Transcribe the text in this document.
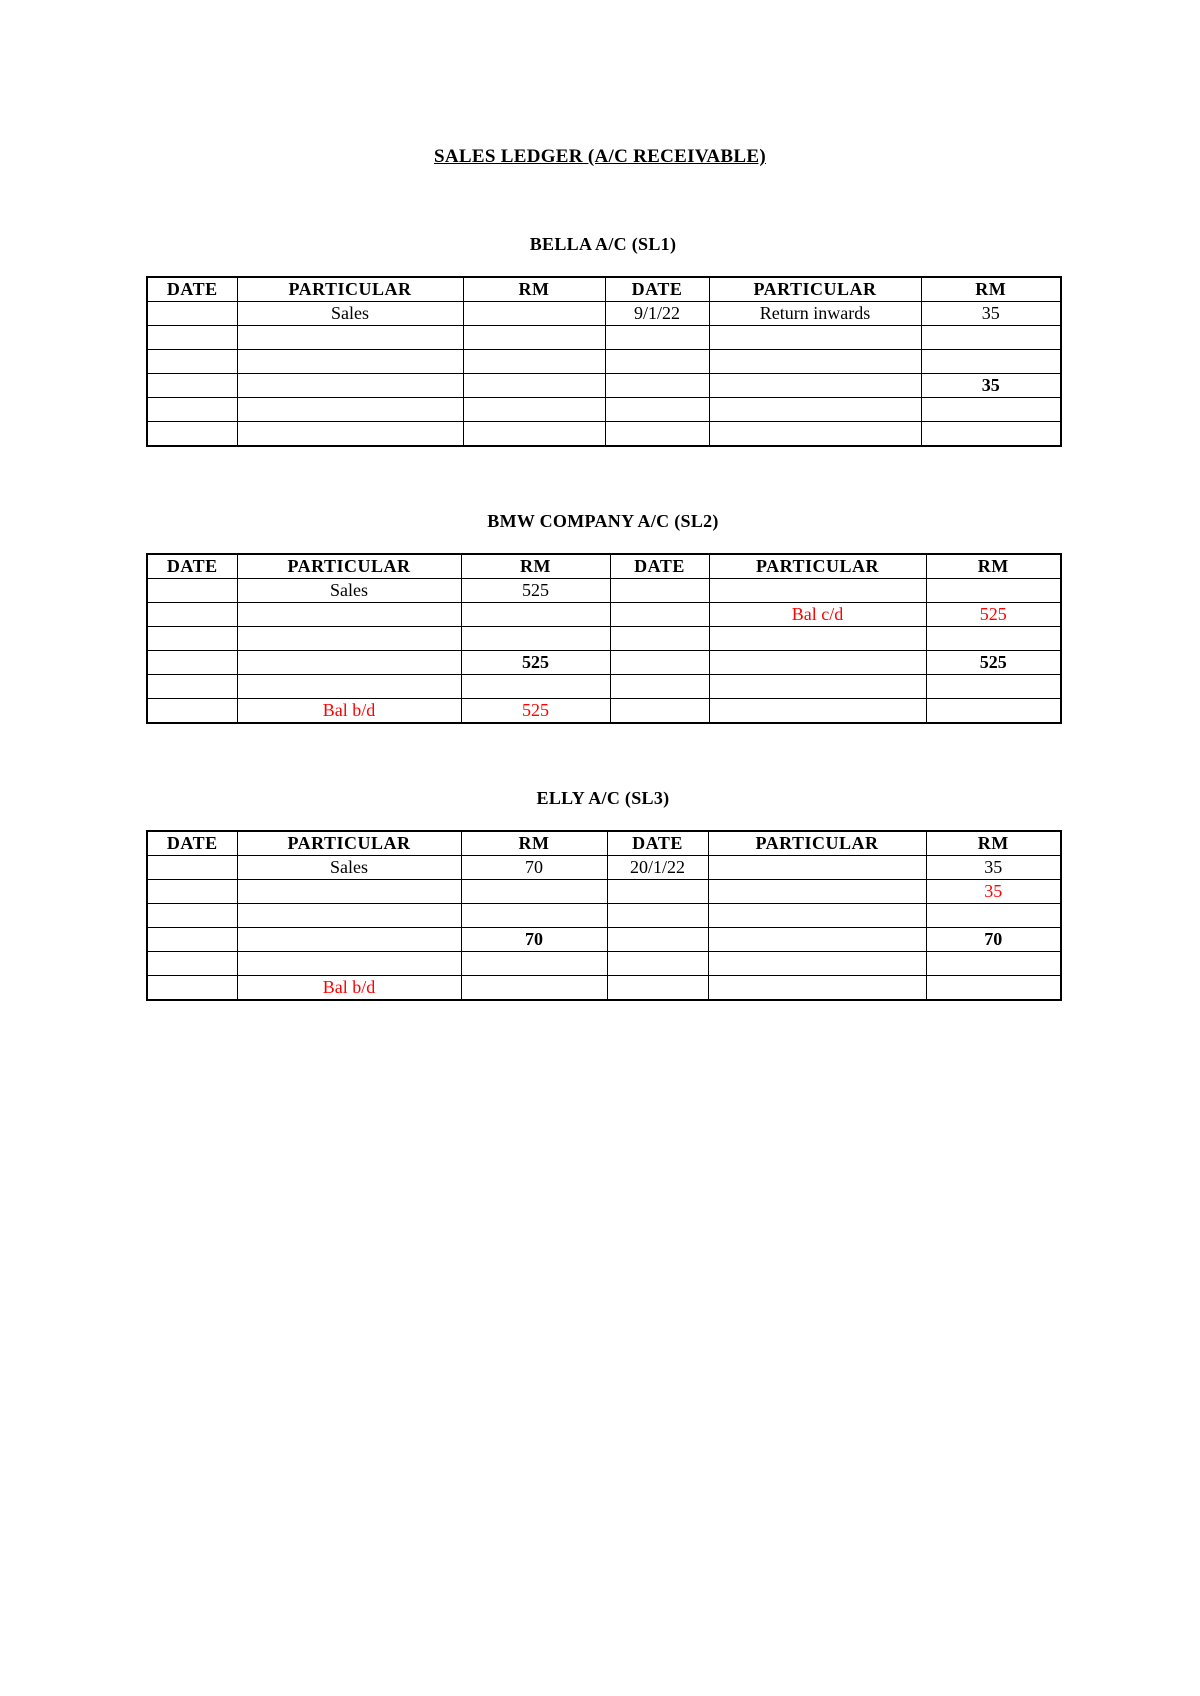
SALES LEDGER (A/C RECEIVABLE)
BELLA A/C (SL1)
DATE	PARTICULAR	RM	DATE	PARTICULAR	RM
	Sales		9/1/22	Return inwards	35

					35

BMW COMPANY A/C (SL2)
DATE	PARTICULAR	RM	DATE	PARTICULAR	RM
	Sales	525			
				Bal c/d	525

		525			525

	Bal b/d	525			
ELLY A/C (SL3)
DATE	PARTICULAR	RM	DATE	PARTICULAR	RM
	Sales	70	20/1/22		35
					35

		70			70

	Bal b/d				
